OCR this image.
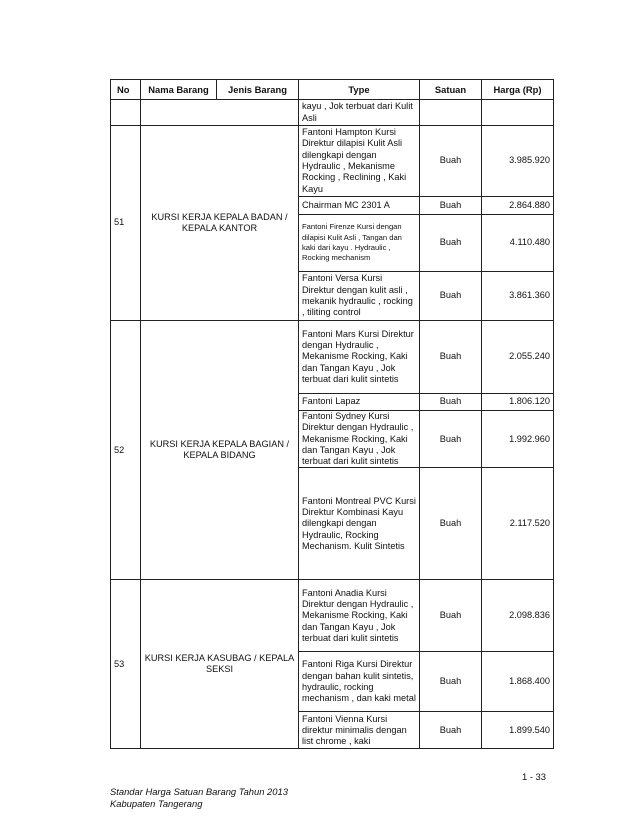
No	Nama Barang	Jenis Barang	Type	Satuan	Harga (Rp)
			kayu , Jok terbuat dari Kulit Asli		
51	KURSI KERJA KEPALA BADAN / KEPALA KANTOR		Fantoni Hampton Kursi Direktur dilapisi Kulit Asli dilengkapi dengan Hydraulic , Mekanisme Rocking , Reclining , Kaki Kayu	Buah	3.985.920
			Chairman MC 2301 A	Buah	2.864.880
			Fantoni Firenze Kursi dengan dilapisi Kulit Asli , Tangan dan kaki dari kayu . Hydraulic , Rocking mechanism	Buah	4.110.480
			Fantoni Versa Kursi Direktur dengan kulit asli , mekanik hydraulic , rocking , tiliting control	Buah	3.861.360
52	KURSI KERJA KEPALA BAGIAN / KEPALA BIDANG		Fantoni Mars Kursi Direktur dengan Hydraulic , Mekanisme Rocking, Kaki dan Tangan Kayu , Jok terbuat dari kulit sintetis	Buah	2.055.240
			Fantoni Lapaz	Buah	1.806.120
			Fantoni Sydney Kursi Direktur dengan Hydraulic , Mekanisme Rocking, Kaki dan Tangan Kayu , Jok terbuat dari kulit sintetis	Buah	1.992.960
			Fantoni Montreal PVC Kursi Direktur Kombinasi Kayu dilengkapi dengan Hydraulic, Rocking Mechanism. Kulit Sintetis	Buah	2.117.520
53	KURSI KERJA KASUBAG / KEPALA SEKSI		Fantoni Anadia Kursi Direktur dengan Hydraulic , Mekanisme Rocking, Kaki dan Tangan Kayu , Jok terbuat dari kulit sintetis	Buah	2.098.836
			Fantoni Riga Kursi Direktur dengan bahan kulit sintetis, hydraulic, rocking mechanism , dan kaki metal	Buah	1.868.400
			Fantoni Vienna Kursi direktur minimalis dengan list chrome , kaki	Buah	1.899.540
1 - 33
Standar Harga Satuan Barang Tahun 2013
Kabupaten Tangerang
